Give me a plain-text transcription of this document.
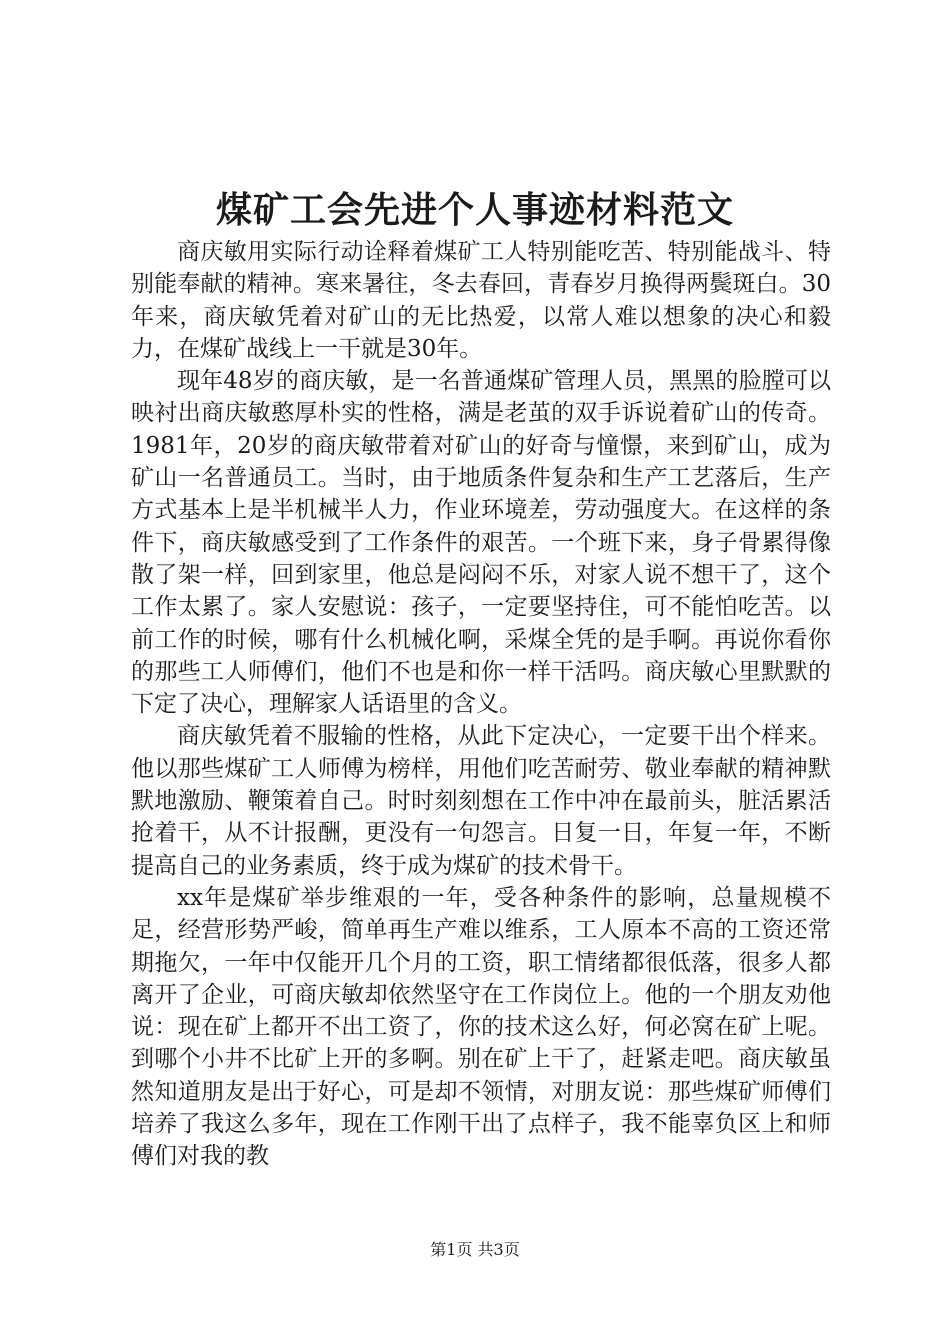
煤矿工会先进个人事迹材料范文

商庆敏用实际行动诠释着煤矿工人特别能吃苦、特别能战斗、特别能奉献的精神。寒来暑往，冬去春回，青春岁月换得两鬓斑白。30年来，商庆敏凭着对矿山的无比热爱，以常人难以想象的决心和毅力，在煤矿战线上一干就是30年。

现年48岁的商庆敏，是一名普通煤矿管理人员，黑黑的脸膛可以映衬出商庆敏憨厚朴实的性格，满是老茧的双手诉说着矿山的传奇。1981年，20岁的商庆敏带着对矿山的好奇与憧憬，来到矿山，成为矿山一名普通员工。当时，由于地质条件复杂和生产工艺落后，生产方式基本上是半机械半人力，作业环境差，劳动强度大。在这样的条件下，商庆敏感受到了工作条件的艰苦。一个班下来，身子骨累得像散了架一样，回到家里，他总是闷闷不乐，对家人说不想干了，这个工作太累了。家人安慰说：孩子，一定要坚持住，可不能怕吃苦。以前工作的时候，哪有什么机械化啊，采煤全凭的是手啊。再说你看你的那些工人师傅们，他们不也是和你一样干活吗。商庆敏心里默默的下定了决心，理解家人话语里的含义。

商庆敏凭着不服输的性格，从此下定决心，一定要干出个样来。他以那些煤矿工人师傅为榜样，用他们吃苦耐劳、敬业奉献的精神默默地激励、鞭策着自己。时时刻刻想在工作中冲在最前头，脏活累活抢着干，从不计报酬，更没有一句怨言。日复一日，年复一年，不断提高自己的业务素质，终于成为煤矿的技术骨干。

xx年是煤矿举步维艰的一年，受各种条件的影响，总量规模不足，经营形势严峻，简单再生产难以维系，工人原本不高的工资还常期拖欠，一年中仅能开几个月的工资，职工情绪都很低落，很多人都离开了企业，可商庆敏却依然坚守在工作岗位上。他的一个朋友劝他说：现在矿上都开不出工资了，你的技术这么好，何必窝在矿上呢。到哪个小井不比矿上开的多啊。别在矿上干了，赶紧走吧。商庆敏虽然知道朋友是出于好心，可是却不领情，对朋友说：那些煤矿师傅们培养了我这么多年，现在工作刚干出了点样子，我不能辜负区上和师傅们对我的教

第1页 共3页
